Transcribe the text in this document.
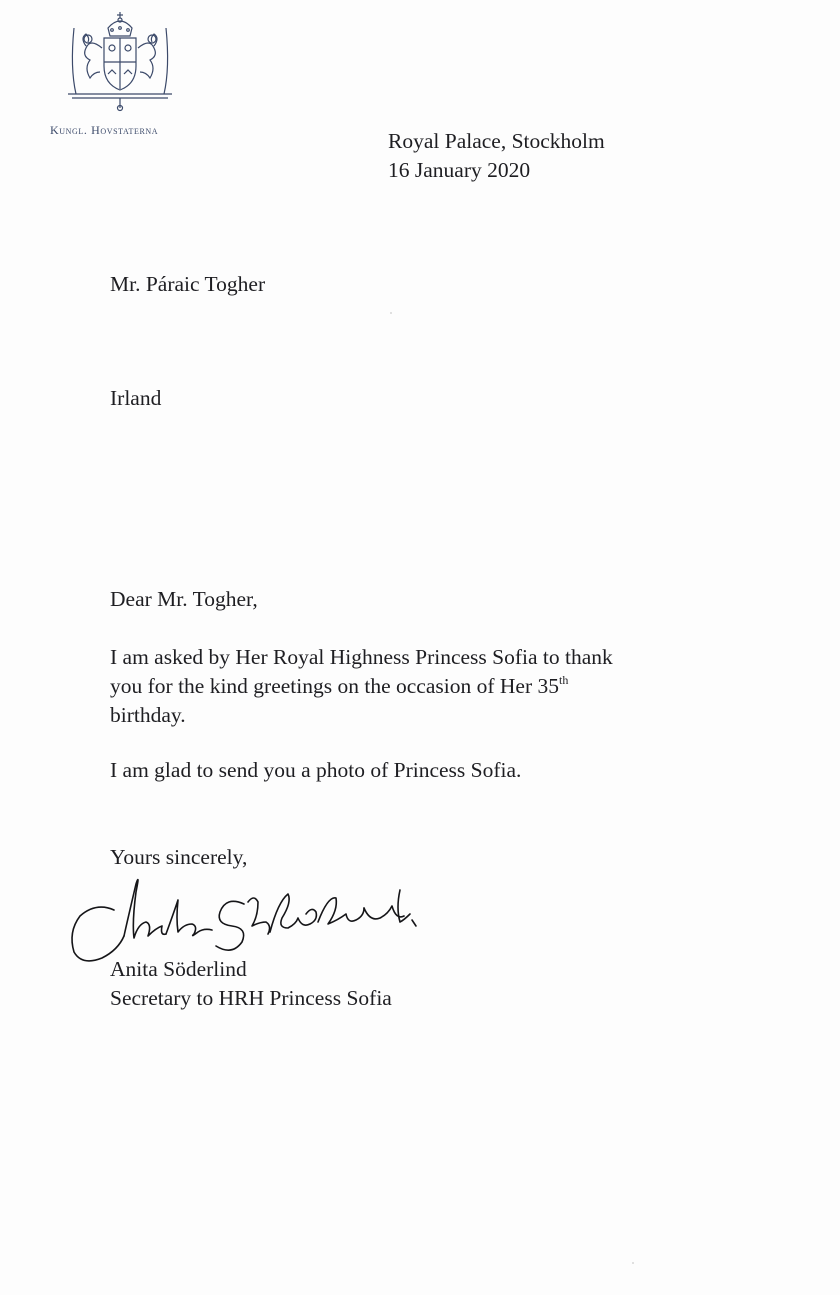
Kungl. Hovstaterna	Royal Palace, Stockholm
16 January 2020
Mr. Páraic Togher
Irland
Dear Mr. Togher,
I am asked by Her Royal Highness Princess Sofia to thank
you for the kind greetings on the occasion of Her 35th
birthday.
I am glad to send you a photo of Princess Sofia.
Yours sincerely,
Anita Söderlind
Secretary to HRH Princess Sofia
